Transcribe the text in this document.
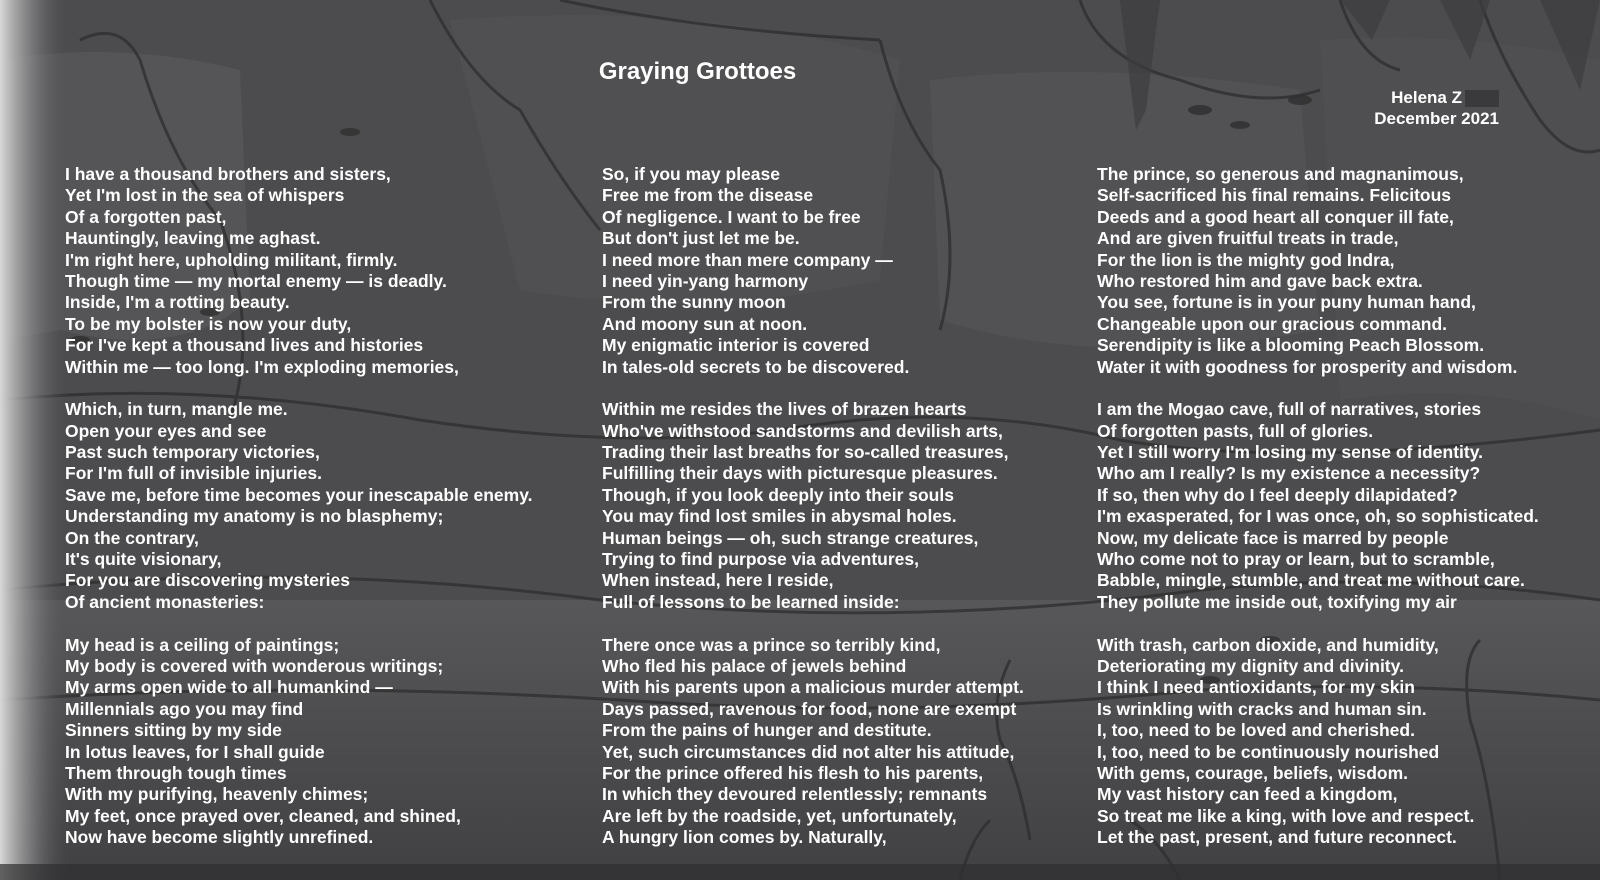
Graying Grottoes
Helena Z
December 2021
I have a thousand brothers and sisters,
Yet I'm lost in the sea of whispers
Of a forgotten past,
Hauntingly, leaving me aghast.
I'm right here, upholding militant, firmly.
Though time — my mortal enemy — is deadly.
Inside, I'm a rotting beauty.
To be my bolster is now your duty,
For I've kept a thousand lives and histories
Within me — too long. I'm exploding memories,
Which, in turn, mangle me.
Open your eyes and see
Past such temporary victories,
For I'm full of invisible injuries.
Save me, before time becomes your inescapable enemy.
Understanding my anatomy is no blasphemy;
On the contrary,
It's quite visionary,
For you are discovering mysteries
Of ancient monasteries:
My head is a ceiling of paintings;
My body is covered with wonderous writings;
My arms open wide to all humankind —
Millennials ago you may find
Sinners sitting by my side
In lotus leaves, for I shall guide
Them through tough times
With my purifying, heavenly chimes;
My feet, once prayed over, cleaned, and shined,
Now have become slightly unrefined.
So, if you may please
Free me from the disease
Of negligence. I want to be free
But don't just let me be.
I need more than mere company —
I need yin-yang harmony
From the sunny moon
And moony sun at noon.
My enigmatic interior is covered
In tales-old secrets to be discovered.
Within me resides the lives of brazen hearts
Who've withstood sandstorms and devilish arts,
Trading their last breaths for so-called treasures,
Fulfilling their days with picturesque pleasures.
Though, if you look deeply into their souls
You may find lost smiles in abysmal holes.
Human beings — oh, such strange creatures,
Trying to find purpose via adventures,
When instead, here I reside,
Full of lessons to be learned inside:
There once was a prince so terribly kind,
Who fled his palace of jewels behind
With his parents upon a malicious murder attempt.
Days passed, ravenous for food, none are exempt
From the pains of hunger and destitute.
Yet, such circumstances did not alter his attitude,
For the prince offered his flesh to his parents,
In which they devoured relentlessly; remnants
Are left by the roadside, yet, unfortunately,
A hungry lion comes by. Naturally,
The prince, so generous and magnanimous,
Self-sacrificed his final remains. Felicitous
Deeds and a good heart all conquer ill fate,
And are given fruitful treats in trade,
For the lion is the mighty god Indra,
Who restored him and gave back extra.
You see, fortune is in your puny human hand,
Changeable upon our gracious command.
Serendipity is like a blooming Peach Blossom.
Water it with goodness for prosperity and wisdom.
I am the Mogao cave, full of narratives, stories
Of forgotten pasts, full of glories.
Yet I still worry I'm losing my sense of identity.
Who am I really? Is my existence a necessity?
If so, then why do I feel deeply dilapidated?
I'm exasperated, for I was once, oh, so sophisticated.
Now, my delicate face is marred by people
Who come not to pray or learn, but to scramble,
Babble, mingle, stumble, and treat me without care.
They pollute me inside out, toxifying my air
With trash, carbon dioxide, and humidity,
Deteriorating my dignity and divinity.
I think I need antioxidants, for my skin
Is wrinkling with cracks and human sin.
I, too, need to be loved and cherished.
I, too, need to be continuously nourished
With gems, courage, beliefs, wisdom.
My vast history can feed a kingdom,
So treat me like a king, with love and respect.
Let the past, present, and future reconnect.
